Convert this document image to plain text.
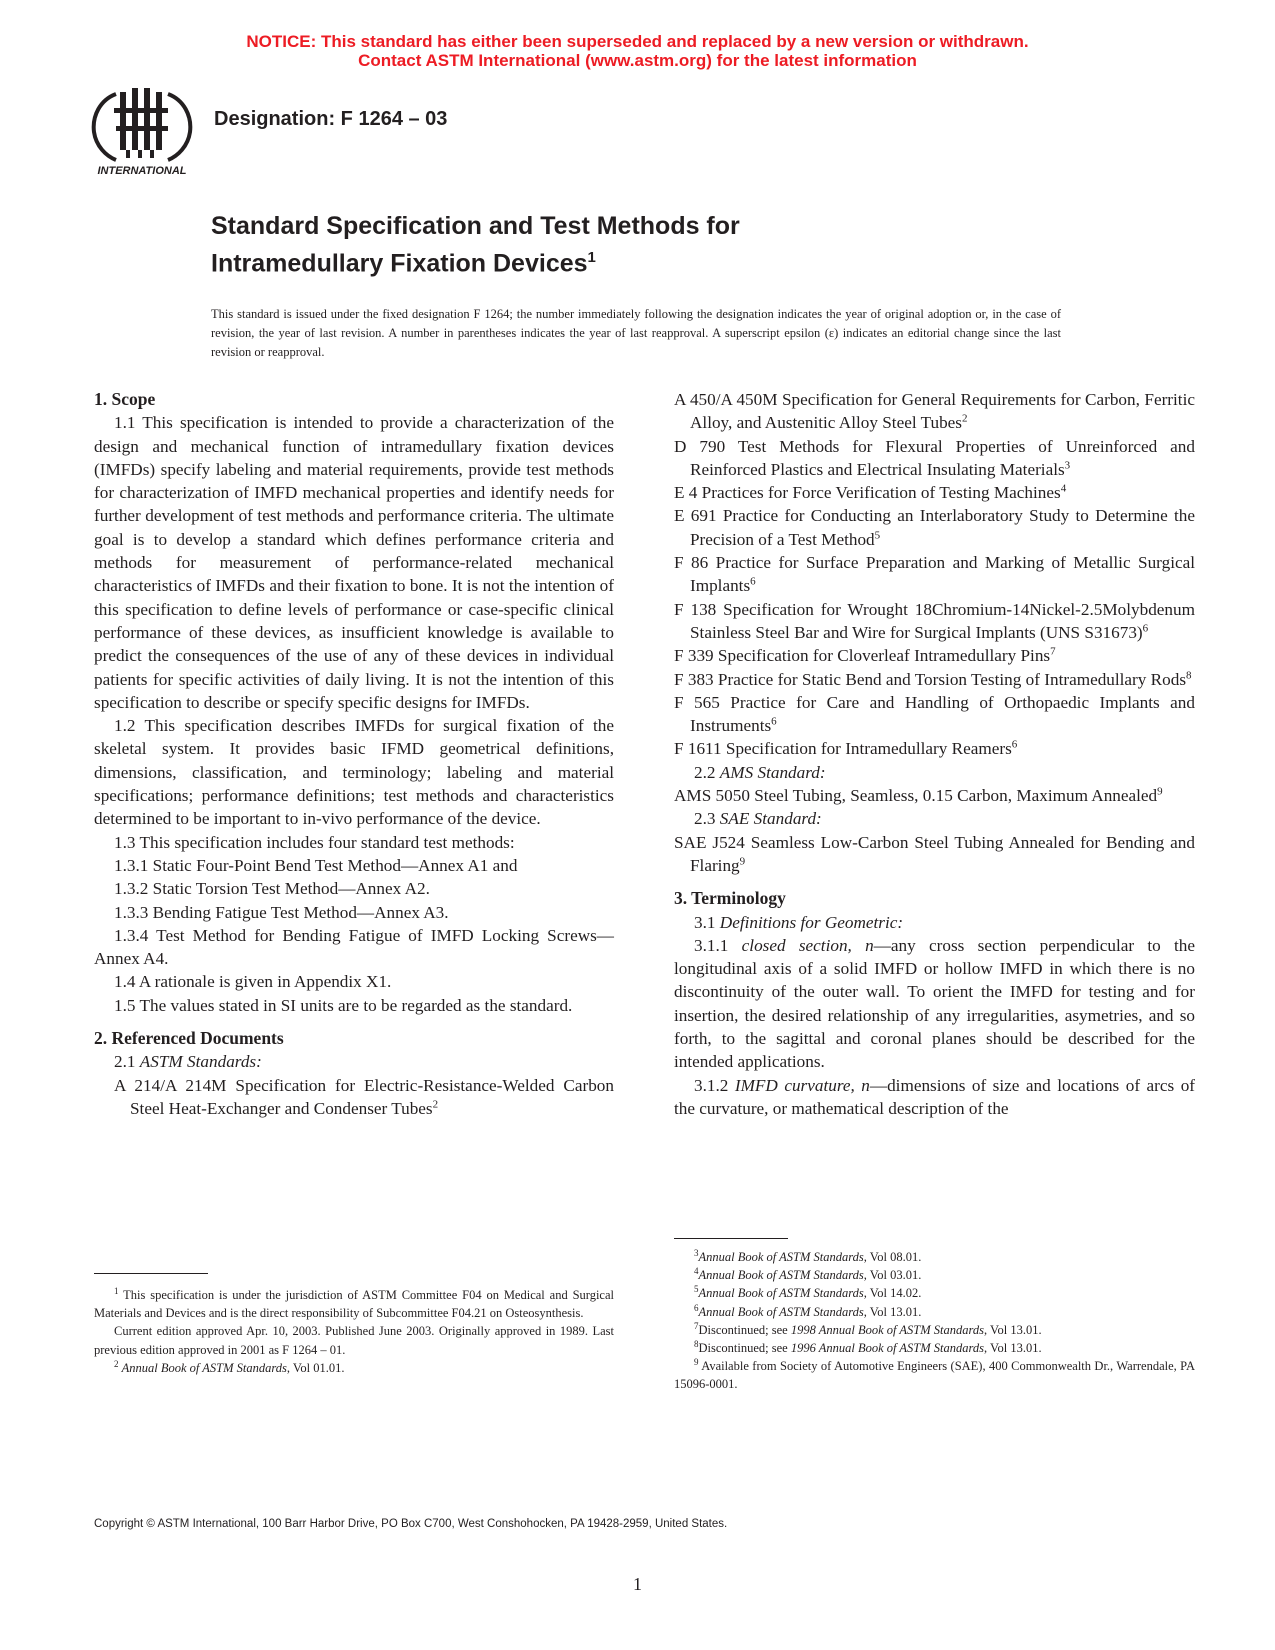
NOTICE: This standard has either been superseded and replaced by a new version or withdrawn.
Contact ASTM International (www.astm.org) for the latest information
INTERNATIONAL
Designation: F 1264 – 03
Standard Specification and Test Methods for
Intramedullary Fixation Devices$^1$
This standard is issued under the fixed designation F 1264; the number immediately following the designation indicates the year of original adoption or, in the case of revision, the year of last revision. A number in parentheses indicates the year of last reapproval. A superscript epsilon (ε) indicates an editorial change since the last revision or reapproval.
1. Scope

1.1 This specification is intended to provide a characterization of the design and mechanical function of intramedullary fixation devices (IMFDs) specify labeling and material requirements, provide test methods for characterization of IMFD mechanical properties and identify needs for further development of test methods and performance criteria. The ultimate goal is to develop a standard which defines performance criteria and methods for measurement of performance-related mechanical characteristics of IMFDs and their fixation to bone. It is not the intention of this specification to define levels of performance or case-specific clinical performance of these devices, as insufficient knowledge is available to predict the consequences of the use of any of these devices in individual patients for specific activities of daily living. It is not the intention of this specification to describe or specify specific designs for IMFDs.

1.2 This specification describes IMFDs for surgical fixation of the skeletal system. It provides basic IFMD geometrical definitions, dimensions, classification, and terminology; labeling and material specifications; performance definitions; test methods and characteristics determined to be important to in-vivo performance of the device.

1.3 This specification includes four standard test methods:

1.3.1 Static Four-Point Bend Test Method—Annex A1 and

1.3.2 Static Torsion Test Method—Annex A2.

1.3.3 Bending Fatigue Test Method—Annex A3.

1.3.4 Test Method for Bending Fatigue of IMFD Locking Screws—Annex A4.

1.4 A rationale is given in Appendix X1.

1.5 The values stated in SI units are to be regarded as the standard.

2. Referenced Documents

2.1 ASTM Standards:

A 214/A 214M Specification for Electric-Resistance-Welded Carbon Steel Heat-Exchanger and Condenser Tubes$^2$

A 450/A 450M Specification for General Requirements for Carbon, Ferritic Alloy, and Austenitic Alloy Steel Tubes$^2$

D 790 Test Methods for Flexural Properties of Unreinforced and Reinforced Plastics and Electrical Insulating Materials$^3$

E 4 Practices for Force Verification of Testing Machines$^4$

E 691 Practice for Conducting an Interlaboratory Study to Determine the Precision of a Test Method$^5$

F 86 Practice for Surface Preparation and Marking of Metallic Surgical Implants$^6$

F 138 Specification for Wrought 18Chromium-14Nickel-2.5Molybdenum Stainless Steel Bar and Wire for Surgical Implants (UNS S31673)$^6$

F 339 Specification for Cloverleaf Intramedullary Pins$^7$

F 383 Practice for Static Bend and Torsion Testing of Intramedullary Rods$^8$

F 565 Practice for Care and Handling of Orthopaedic Implants and Instruments$^6$

F 1611 Specification for Intramedullary Reamers$^6$

2.2 AMS Standard:

AMS 5050 Steel Tubing, Seamless, 0.15 Carbon, Maximum Annealed$^9$

2.3 SAE Standard:

SAE J524 Seamless Low-Carbon Steel Tubing Annealed for Bending and Flaring$^9$

3. Terminology

3.1 Definitions for Geometric:

3.1.1 closed section, n—any cross section perpendicular to the longitudinal axis of a solid IMFD or hollow IMFD in which there is no discontinuity of the outer wall. To orient the IMFD for testing and for insertion, the desired relationship of any irregularities, asymetries, and so forth, to the sagittal and coronal planes should be described for the intended applications.

3.1.2 IMFD curvature, n—dimensions of size and locations of arcs of the curvature, or mathematical description of the

$^1$ This specification is under the jurisdiction of ASTM Committee F04 on Medical and Surgical Materials and Devices and is the direct responsibility of Subcommittee F04.21 on Osteosynthesis.

Current edition approved Apr. 10, 2003. Published June 2003. Originally approved in 1989. Last previous edition approved in 2001 as F 1264 – 01.

$^2$ Annual Book of ASTM Standards, Vol 01.01.

$^3$Annual Book of ASTM Standards, Vol 08.01.

$^4$Annual Book of ASTM Standards, Vol 03.01.

$^5$Annual Book of ASTM Standards, Vol 14.02.

$^6$Annual Book of ASTM Standards, Vol 13.01.

$^7$Discontinued; see 1998 Annual Book of ASTM Standards, Vol 13.01.

$^8$Discontinued; see 1996 Annual Book of ASTM Standards, Vol 13.01.

$^9$ Available from Society of Automotive Engineers (SAE), 400 Commonwealth Dr., Warrendale, PA 15096-0001.

Copyright © ASTM International, 100 Barr Harbor Drive, PO Box C700, West Conshohocken, PA 19428-2959, United States.
1
